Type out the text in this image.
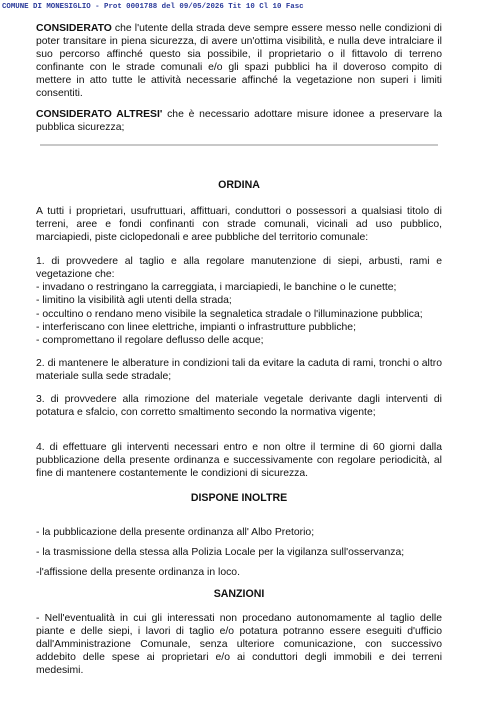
COMUNE DI MONESIGLIO - Prot 0001788 del 09/05/2026 Tit 10 Cl 10 Fasc

CONSIDERATO che l'utente della strada deve sempre essere messo nelle condizioni di poter transitare in piena sicurezza, di avere un'ottima visibilità, e nulla deve intralciare il suo percorso affinché questo sia possibile, il proprietario o il fittavolo di terreno confinante con le strade comunali e/o gli spazi pubblici ha il doveroso compito di mettere in atto tutte le attività necessarie affinché la vegetazione non superi i limiti consentiti.

CONSIDERATO ALTRESI' che è necessario adottare misure idonee a preservare la pubblica sicurezza;

ORDINA

A tutti i proprietari, usufruttuari, affittuari, conduttori o possessori a qualsiasi titolo di terreni, aree e fondi confinanti con strade comunali, vicinali ad uso pubblico, marciapiedi, piste ciclopedonali e aree pubbliche del territorio comunale:

1. di provvedere al taglio e alla regolare manutenzione di siepi, arbusti, rami e vegetazione che:

- invadano o restringano la carreggiata, i marciapiedi, le banchine o le cunette;

- limitino la visibilità agli utenti della strada;

- occultino o rendano meno visibile la segnaletica stradale o l'illuminazione pubblica;

- interferiscano con linee elettriche, impianti o infrastrutture pubbliche;

- compromettano il regolare deflusso delle acque;

2. di mantenere le alberature in condizioni tali da evitare la caduta di rami, tronchi o altro materiale sulla sede stradale;

3. di provvedere alla rimozione del materiale vegetale derivante dagli interventi di potatura e sfalcio, con corretto smaltimento secondo la normativa vigente;

4. di effettuare gli interventi necessari entro e non oltre il termine di 60 giorni dalla pubblicazione della presente ordinanza e successivamente con regolare periodicità, al fine di mantenere costantemente le condizioni di sicurezza.

DISPONE INOLTRE

- la pubblicazione della presente ordinanza all' Albo Pretorio;

- la trasmissione della stessa alla Polizia Locale per la vigilanza sull'osservanza;

-l'affissione della presente ordinanza in loco.

SANZIONI

- Nell'eventualità in cui gli interessati non procedano autonomamente al taglio delle piante e delle siepi, i lavori di taglio e/o potatura potranno essere eseguiti d'ufficio dall'Amministrazione Comunale, senza ulteriore comunicazione, con successivo addebito delle spese ai proprietari e/o ai conduttori degli immobili e dei terreni medesimi.
